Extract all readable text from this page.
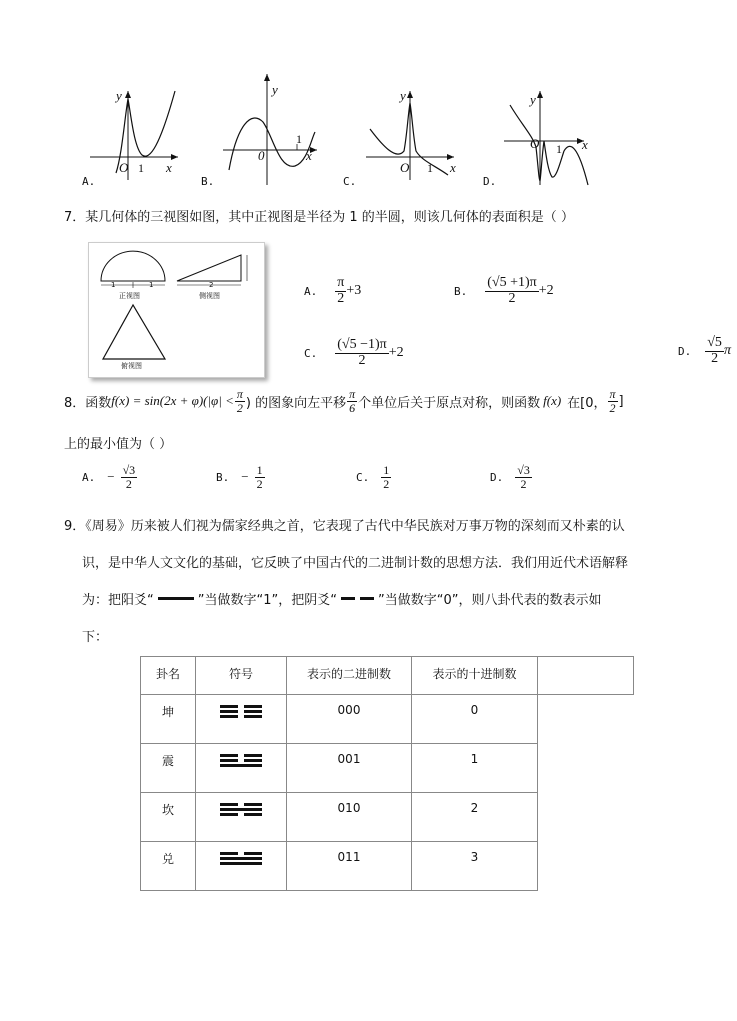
y
x
O 1
A.
y
x
0
1
B.
y
x
O 1
C.
y
x
O 1
D.
7．某几何体的三视图如图，其中正视图是半径为 1 的半圆，则该几何体的表面积是（ ）
1	1
正视图
2
侧视图
俯视图
A. $\frac{\pi}{2} +3$	B. $\frac{(√5 +1)\pi}{2} +2$
C. $\frac{(√5 -1)\pi}{2} +2$	D. $\frac{√5}{2}$ π
8．函数 $f(x) = \sin(2x + \varphi)(|\varphi| < \frac{\pi}{2}$ ) 的图象向左平移 $\frac{\pi}{6}$ 个单位后关于原点对称，则函数 f(x) 在[0， $\frac{\pi}{2}$ ]
上的最小值为（ ）
A. − $\frac{√3}{2}$	B. − $\frac{1}{2}$	C. $\frac{1}{2}$	D. $\frac{√3}{2}$
9．《周易》历来被人们视为儒家经典之首，它表现了古代中华民族对万事万物的深刻而又朴素的认
识，是中华人文文化的基础，它反映了中国古代的二进制计数的思想方法．我们用近代术语解释
为：把阳爻“	”当做数字“1”，把阴爻“	”当做数字“0”，则八卦代表的数表示如
下：
卦名	符号	表示的二进制数	表示的十进制数	
坤		000	0	
震		001	1	
坎		010	2	
兑		011	3	
